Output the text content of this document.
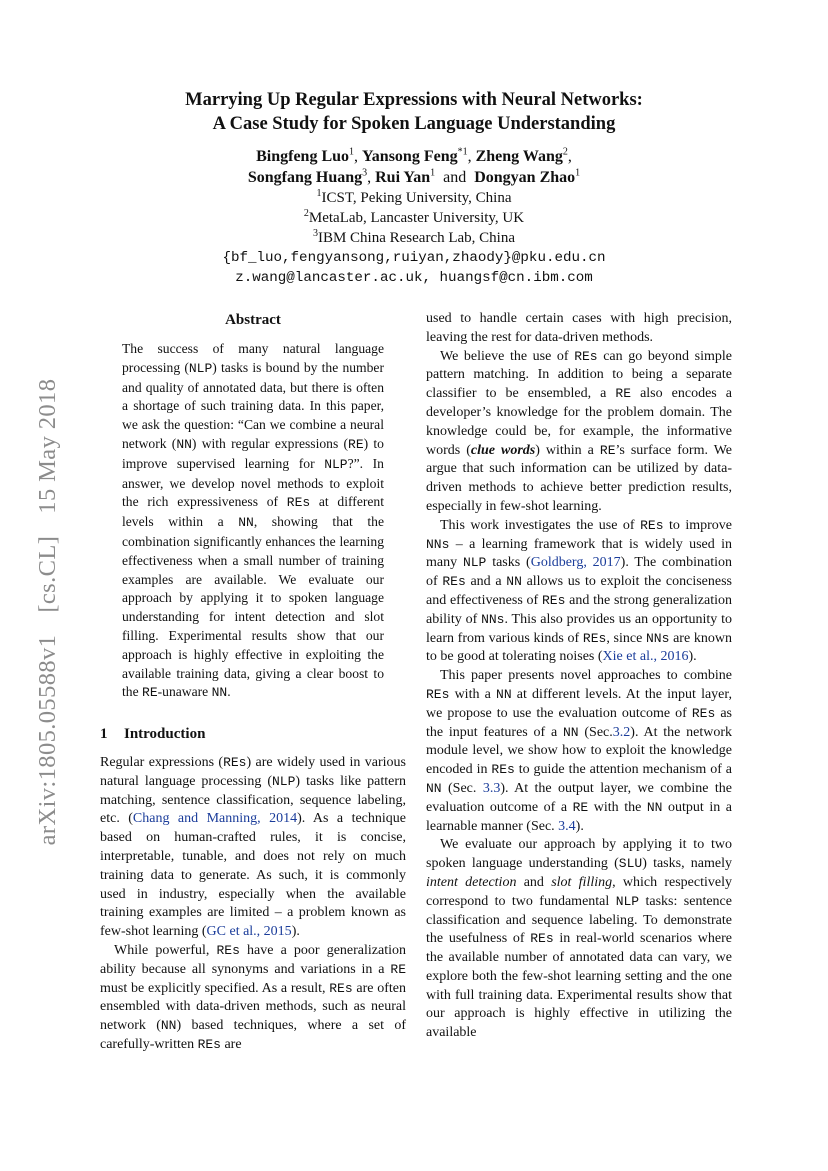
arXiv:1805.05588v1[cs.CL]15 May 2018
Marrying Up Regular Expressions with Neural Networks:
A Case Study for Spoken Language Understanding
Bingfeng Luo$^1$, Yansong Feng$^{*1}$, Zheng Wang$^2$,
Songfang Huang$^3$, Rui Yan$^1$ and Dongyan Zhao$^1$
$^1$ICST, Peking University, China
$^2$MetaLab, Lancaster University, UK
$^3$IBM China Research Lab, China
{bf_luo,fengyansong,ruiyan,zhaody}@pku.edu.cn
z.wang@lancaster.ac.uk, huangsf@cn.ibm.com
Abstract
The success of many natural language processing (NLP) tasks is bound by the number and quality of annotated data, but there is often a shortage of such training data. In this paper, we ask the question: “Can we combine a neural network (NN) with regular expressions (RE) to improve supervised learning for NLP?”. In answer, we develop novel methods to exploit the rich expressiveness of REs at different levels within a NN, showing that the combination significantly enhances the learning effectiveness when a small number of training examples are available. We evaluate our approach by applying it to spoken language understanding for intent detection and slot filling. Experimental results show that our approach is highly effective in exploiting the available training data, giving a clear boost to the RE-unaware NN.
1 Introduction

Regular expressions (REs) are widely used in various natural language processing (NLP) tasks like pattern matching, sentence classification, sequence labeling, etc. (Chang and Manning, 2014). As a technique based on human-crafted rules, it is concise, interpretable, tunable, and does not rely on much training data to generate. As such, it is commonly used in industry, especially when the available training examples are limited – a problem known as few-shot learning (GC et al., 2015).

While powerful, REs have a poor generalization ability because all synonyms and variations in a RE must be explicitly specified. As a result, REs are often ensembled with data-driven methods, such as neural network (NN) based techniques, where a set of carefully-written REs are

used to handle certain cases with high precision, leaving the rest for data-driven methods.

We believe the use of REs can go beyond simple pattern matching. In addition to being a separate classifier to be ensembled, a RE also encodes a developer’s knowledge for the problem domain. The knowledge could be, for example, the informative words (clue words) within a RE’s surface form. We argue that such information can be utilized by data-driven methods to achieve better prediction results, especially in few-shot learning.

This work investigates the use of REs to improve NNs – a learning framework that is widely used in many NLP tasks (Goldberg, 2017). The combination of REs and a NN allows us to exploit the conciseness and effectiveness of REs and the strong generalization ability of NNs. This also provides us an opportunity to learn from various kinds of REs, since NNs are known to be good at tolerating noises (Xie et al., 2016).

This paper presents novel approaches to combine REs with a NN at different levels. At the input layer, we propose to use the evaluation outcome of REs as the input features of a NN (Sec.3.2). At the network module level, we show how to exploit the knowledge encoded in REs to guide the attention mechanism of a NN (Sec. 3.3). At the output layer, we combine the evaluation outcome of a RE with the NN output in a learnable manner (Sec. 3.4).

We evaluate our approach by applying it to two spoken language understanding (SLU) tasks, namely intent detection and slot filling, which respectively correspond to two fundamental NLP tasks: sentence classification and sequence labeling. To demonstrate the usefulness of REs in real-world scenarios where the available number of annotated data can vary, we explore both the few-shot learning setting and the one with full training data. Experimental results show that our approach is highly effective in utilizing the available
